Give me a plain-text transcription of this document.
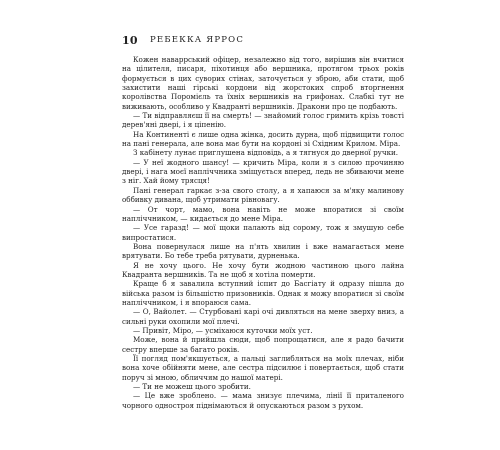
10 РЕБЕККА ЯРРОС

Кожен наваррський офіцер, незалежно від того, вирішив він вчитися на цілителя, писаря, піхотинця або вершника, протягом трьох років формується в цих суворих стінах, заточується у зброю, аби стати, щоб захистити наші гірські кордони від жорстоких спроб вторгнення королівства Поромієль та їхніх вершників на грифонах. Слабкі тут не виживають, особливо у Квадранті вершників. Дракони про це подбають.

— Ти відправляєш її на смерть! — знайомий голос гримить крізь товсті дерев'яні двері, і я ціпенію.

На Континенті є лише одна жінка, досить дурна, щоб підвищити голос на пані генерала, але вона має бути на кордоні зі Східним Крилом. Міра.

З кабінету лунає приглушена відповідь, а я тягнуся до дверної ручки.

— У неї жодного шансу! — кричить Міра, коли я з силою прочиняю двері, і нага моєї напліччника зміщується вперед, ледь не збиваючи мене з ніг. Хай йому трясця!

Пані генерал гаркає з-за свого столу, а я хапаюся за м'яку малинову оббивку дивана, щоб утримати рівновагу.

— От чорт, мамо, вона навіть не може впоратися зі своїм напліччником, — кидається до мене Міра.

— Усе гаразд! — мої щоки палають від сорому, тож я змушую себе випростатися.

Вона повернулася лише на п'ять хвилин і вже намагається мене врятувати. Бо тебе треба рятувати, дурненька.

Я не хочу цього. Не хочу бути жодною частиною цього лайна Квадранта вершників. Та не щоб я хотіла померти.

Краще б я завалила вступний іспит до Басгіату й одразу пішла до війська разом із більшістю призовників. Однак я можу впоратися зі своїм напліччником, і я впораюся сама.

— О, Вайолет. — Стурбовані карі очі дивляться на мене зверху вниз, а сильні руки охопили мої плечі.

— Привіт, Міро, — усміхаюся куточки моїх уст.

Може, вона й прийшла сюди, щоб попрощатися, але я радо бачити сестру вперше за багато років.

Її погляд пом'якшується, а пальці заглибляться на моїх плечах, ніби вона хоче обійняти мене, але сестра підсилює і повертається, щоб стати поруч зі мною, обличчям до нашої матері.

— Ти не можеш цього зробити.

— Це вже зроблено. — мама знизує плечима, лінії її приталеного чорного одностроя піднімаються й опускаються разом з рухом.
